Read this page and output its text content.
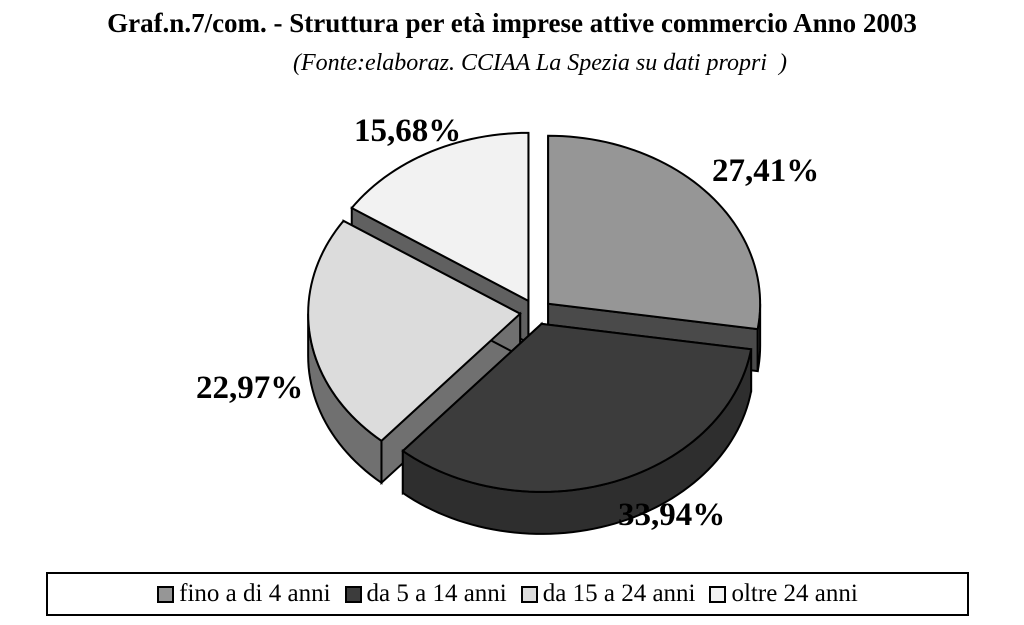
Graf.n.7/com. - Struttura per età imprese attive commercio Anno 2003
(Fonte:elaboraz. CCIAA La Spezia su dati propri  )
27,41%
33,94%
22,97%
15,68%
fino a di 4 anni da 5 a 14 anni da 15 a 24 anni oltre 24 anni
